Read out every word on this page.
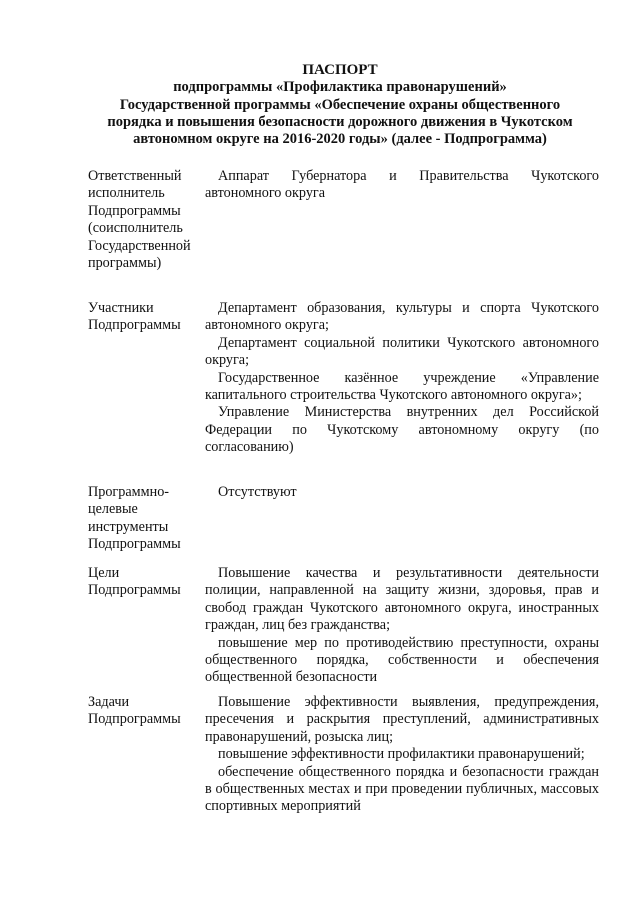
ПАСПОРТ
подпрограммы «Профилактика правонарушений»
Государственной программы «Обеспечение охраны общественного
порядка и повышения безопасности дорожного движения в Чукотском
автономном округе на 2016-2020 годы» (далее - Подпрограмма)
Ответственный
исполнитель
Подпрограммы
(соисполнитель
Государственной
программы)

Аппарат Губернатора и Правительства Чукотского автономного округа

Участники
Подпрограммы

Департамент образования, культуры и спорта Чукотского автономного округа;

Департамент социальной политики Чукотского автономного округа;

Государственное казённое учреждение «Управление капитального строительства Чукотского автономного округа»;

Управление Министерства внутренних дел Российской Федерации по Чукотскому автономному округу (по согласованию)

Программно-
целевые
инструменты
Подпрограммы

Отсутствуют

Цели
Подпрограммы

Повышение качества и результативности деятельности полиции, направленной на защиту жизни, здоровья, прав и свобод граждан Чукотского автономного округа, иностранных граждан, лиц без гражданства;

повышение мер по противодействию преступности, охраны общественного порядка, собственности и обеспечения общественной безопасности

Задачи
Подпрограммы

Повышение эффективности выявления, предупреждения, пресечения и раскрытия преступлений, административных правонарушений, розыска лиц;

повышение эффективности профилактики правонарушений;

обеспечение общественного порядка и безопасности граждан в общественных местах и при проведении публичных, массовых спортивных мероприятий
